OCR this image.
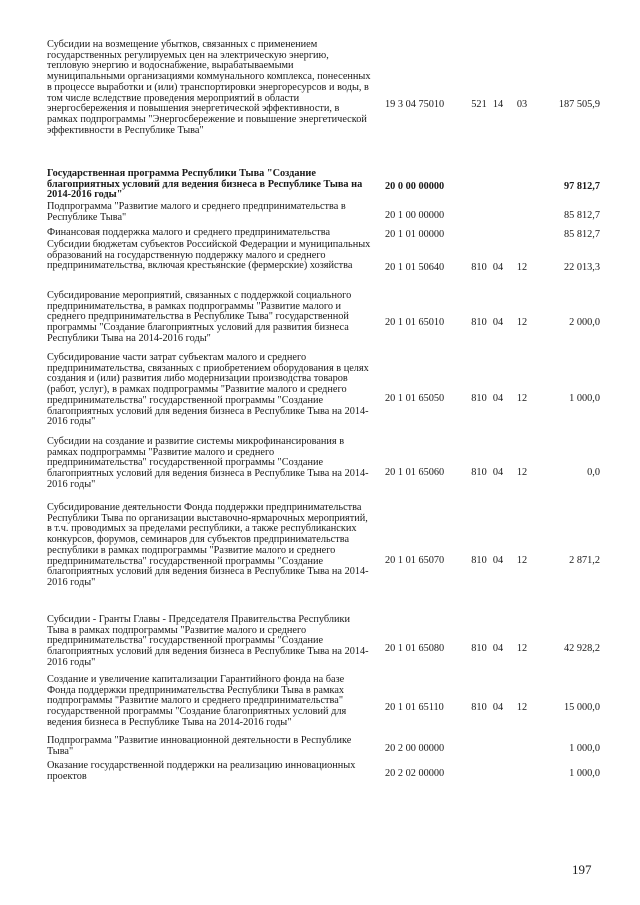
Субсидии на возмещение убытков, связанных с применением государственных регулируемых цен на электрическую энергию, тепловую энергию и водоснабжение, вырабатываемыми муниципальными организациями коммунального комплекса, понесенных в процессе выработки и (или) транспортировки энергоресурсов и воды, в том числе вследствие проведения мероприятий в области энергосбережения и повышения энергетической эффективности, в рамках подпрограммы "Энергосбережение и повышение энергетической эффективности в Республике Тыва"
19 3 04 75010	521 14	03	187 505,9
Государственная программа Республики Тыва "Создание благоприятных условий для ведения бизнеса в Республике Тыва на 2014-2016 годы"
20 0 00 00000	97 812,7
Подпрограмма "Развитие малого и среднего предпринимательства в Республике Тыва"	20 1 00 00000	85 812,7
Финансовая поддержка малого и среднего предпринимательства	20 1 01 00000	85 812,7
Субсидии бюджетам субъектов Российской Федерации и муниципальных образований на государственную поддержку малого и среднего предпринимательства, включая крестьянские (фермерские) хозяйства	20 1 01 50640	810 04	12	22 013,3
Субсидирование мероприятий, связанных с поддержкой социального предпринимательства, в рамках подпрограммы "Развитие малого и среднего предпринимательства в Республике Тыва" государственной программы "Создание благоприятных условий для развития бизнеса Республики Тыва на 2014-2016 годы"
20 1 01 65010	810 04	12	2 000,0
Субсидирование части затрат субъектам малого и среднего предпринимательства, связанных с приобретением оборудования в целях создания и (или) развития либо модернизации производства товаров (работ, услуг), в рамках подпрограммы "Развитие малого и среднего предпринимательства" государственной программы "Создание благоприятных условий для ведения бизнеса в Республике Тыва на 2014-2016 годы"
20 1 01 65050	810 04	12	1 000,0
Субсидии на создание и развитие системы микрофинансирования в рамках подпрограммы "Развитие малого и среднего предпринимательства" государственной программы "Создание благоприятных условий для ведения бизнеса в Республике Тыва на 2014-2016 годы"
20 1 01 65060	810 04	12	0,0
Субсидирование деятельности Фонда поддержки предпринимательства Республики Тыва по организации выставочно-ярмарочных мероприятий, в т.ч. проводимых за пределами республики, а также республиканских конкурсов, форумов, семинаров для субъектов предпринимательства республики в рамках подпрограммы "Развитие малого и среднего предпринимательства" государственной программы "Создание благоприятных условий для ведения бизнеса в Республике Тыва на 2014-2016 годы"
20 1 01 65070	810 04	12	2 871,2
Субсидии - Гранты Главы - Председателя Правительства Республики Тыва в рамках подпрограммы "Развитие малого и среднего предпринимательства" государственной программы "Создание благоприятных условий для ведения бизнеса в Республике Тыва на 2014-2016 годы"
20 1 01 65080	810 04	12	42 928,2
Создание и увеличение капитализации Гарантийного фонда на базе Фонда поддержки предпринимательства Республики Тыва в рамках подпрограммы "Развитие малого и среднего предпринимательства" государственной программы "Создание благоприятных условий для ведения бизнеса в Республике Тыва на 2014-2016 годы"
20 1 01 65110	810 04	12	15 000,0
Подпрограмма "Развитие инновационной деятельности в Республике Тыва"	20 2 00 00000	1 000,0
Оказание государственной поддержки на реализацию инновационных проектов	20 2 02 00000	1 000,0
197
